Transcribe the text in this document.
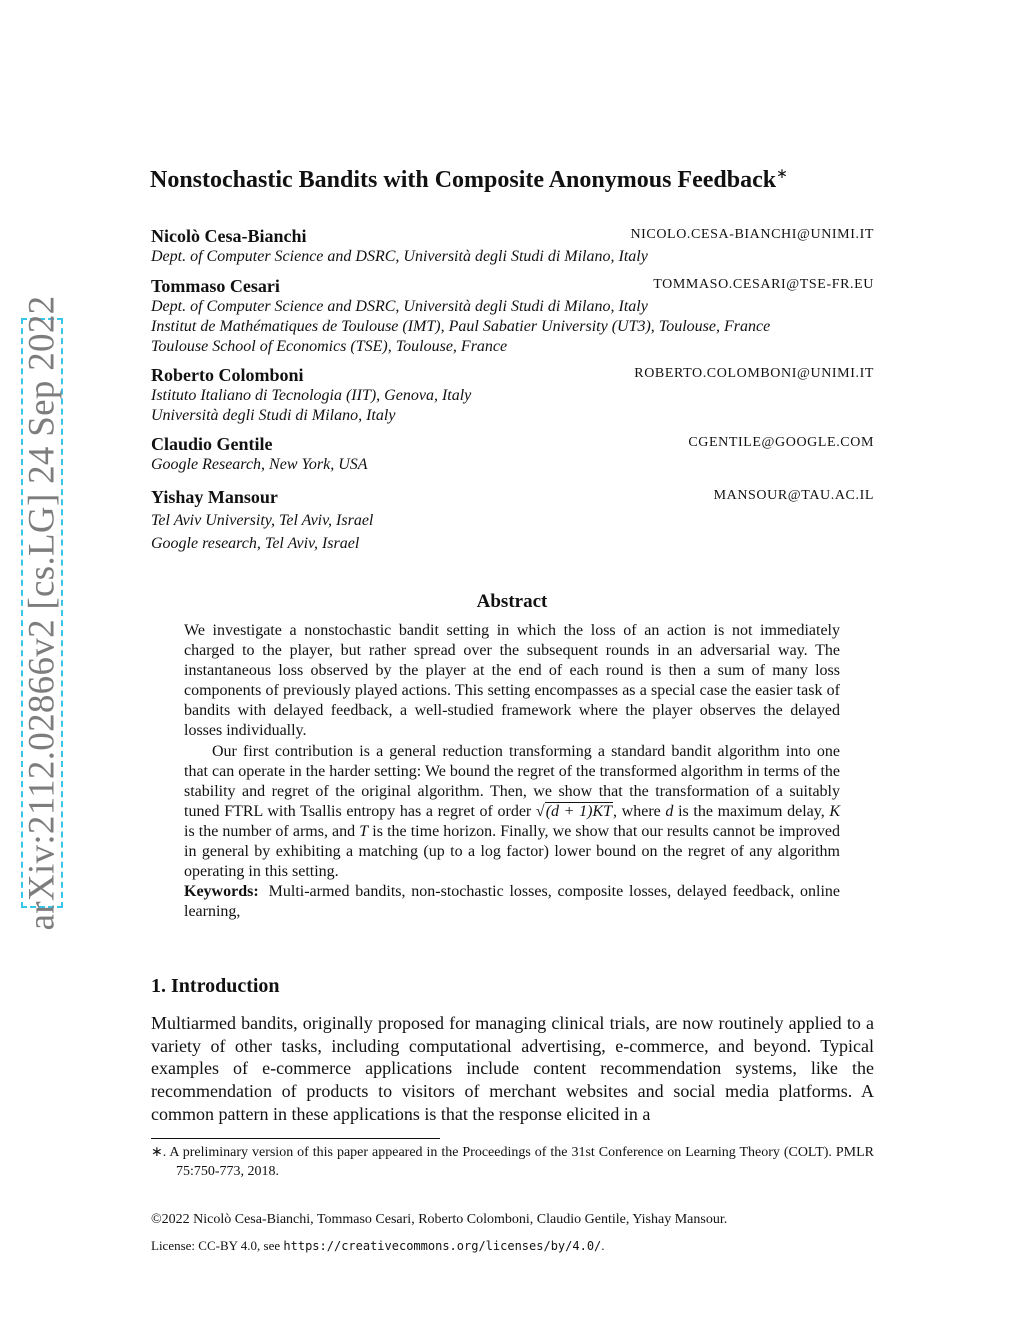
arXiv:2112.02866v2 [cs.LG] 24 Sep 2022
Nonstochastic Bandits with Composite Anonymous Feedback∗
Nicolò Cesa-Bianchi	NICOLO.CESA-BIANCHI@UNIMI.IT
Dept. of Computer Science and DSRC, Università degli Studi di Milano, Italy
Tommaso Cesari	TOMMASO.CESARI@TSE-FR.EU
Dept. of Computer Science and DSRC, Università degli Studi di Milano, Italy
Institut de Mathématiques de Toulouse (IMT), Paul Sabatier University (UT3), Toulouse, France
Toulouse School of Economics (TSE), Toulouse, France
Roberto Colomboni	ROBERTO.COLOMBONI@UNIMI.IT
Istituto Italiano di Tecnologia (IIT), Genova, Italy
Università degli Studi di Milano, Italy
Claudio Gentile	CGENTILE@GOOGLE.COM
Google Research, New York, USA
Yishay Mansour	MANSOUR@TAU.AC.IL
Tel Aviv University, Tel Aviv, Israel
Google research, Tel Aviv, Israel
Abstract

We investigate a nonstochastic bandit setting in which the loss of an action is not immediately charged to the player, but rather spread over the subsequent rounds in an adversarial way. The instantaneous loss observed by the player at the end of each round is then a sum of many loss components of previously played actions. This setting encompasses as a special case the easier task of bandits with delayed feedback, a well-studied framework where the player observes the delayed losses individually.

Our first contribution is a general reduction transforming a standard bandit algorithm into one that can operate in the harder setting: We bound the regret of the transformed algorithm in terms of the stability and regret of the original algorithm. Then, we show that the transformation of a suitably tuned FTRL with Tsallis entropy has a regret of order √(d + 1)KT, where d is the maximum delay, K is the number of arms, and T is the time horizon. Finally, we show that our results cannot be improved in general by exhibiting a matching (up to a log factor) lower bound on the regret of any algorithm operating in this setting.

Keywords: Multi-armed bandits, non-stochastic losses, composite losses, delayed feedback, online learning,

1. Introduction

Multiarmed bandits, originally proposed for managing clinical trials, are now routinely applied to a variety of other tasks, including computational advertising, e-commerce, and beyond. Typical examples of e-commerce applications include content recommendation systems, like the recommendation of products to visitors of merchant websites and social media platforms. A common pattern in these applications is that the response elicited in a

∗. A preliminary version of this paper appeared in the Proceedings of the 31st Conference on Learning Theory (COLT). PMLR 75:750-773, 2018.
©2022 Nicolò Cesa-Bianchi, Tommaso Cesari, Roberto Colomboni, Claudio Gentile, Yishay Mansour.
License: CC-BY 4.0, see https://creativecommons.org/licenses/by/4.0/.
